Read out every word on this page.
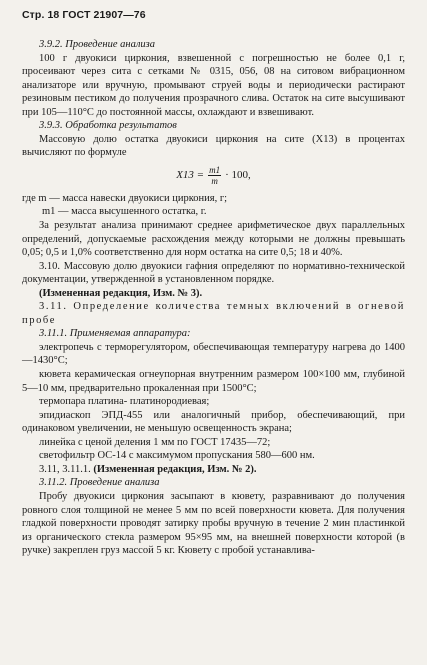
Стр. 18 ГОСТ 21907—76

3.9.2. Проведение анализа

100 г двуокиси циркония, взвешенной с погрешностью не более 0,1 г, просеивают через сита с сетками № 0315, 056, 08 на ситовом вибрационном анализаторе или вручную, промывают струей воды и периодически растирают резиновым пестиком до получения прозрачного слива. Остаток на сите высушивают при 105—110°С до постоянной массы, охлаждают и взвешивают.

3.9.3. Обработка результатов

Массовую долю остатка двуокиси циркония на сите (X13) в процентах вычисляют по формуле

$X13 = \frac{m1}{m} \cdot 100$,

где m — масса навески двуокиси циркония, г;

m1 — масса высушенного остатка, г.

За результат анализа принимают среднее арифметическое двух параллельных определений, допускаемые расхождения между которыми не должны превышать 0,05; 0,5 и 1,0% соответственно для норм остатка на сите 0,5; 18 и 40%.

3.10. Массовую долю двуокиси гафния определяют по нормативно-технической документации, утвержденной в установленном порядке.

(Измененная редакция, Изм. № 3).

3.11. Определение количества темных включений в огневой пробе

3.11.1. Применяемая аппаратура:

электропечь с терморегулятором, обеспечивающая температуру нагрева до 1400—1430°С;

кювета керамическая огнеупорная внутренним размером 100×100 мм, глубиной 5—10 мм, предварительно прокаленная при 1500°С;

термопара платина- платинородиевая;

эпидиаскоп ЭПД-455 или аналогичный прибор, обеспечивающий, при одинаковом увеличении, не меньшую освещенность экрана;

линейка с ценой деления 1 мм по ГОСТ 17435—72;

светофильтр ОС-14 с максимумом пропускания 580—600 нм.

3.11, 3.11.1. (Измененная редакция, Изм. № 2).

3.11.2. Проведение анализа

Пробу двуокиси циркония засыпают в кювету, разравнивают до получения ровного слоя толщиной не менее 5 мм по всей поверхности кювета. Для получения гладкой поверхности проводят затирку пробы вручную в течение 2 мин пластинкой из органического стекла размером 95×95 мм, на внешней поверхности которой (в ручке) закреплен груз массой 5 кг. Кювету с пробой устанавлива-
